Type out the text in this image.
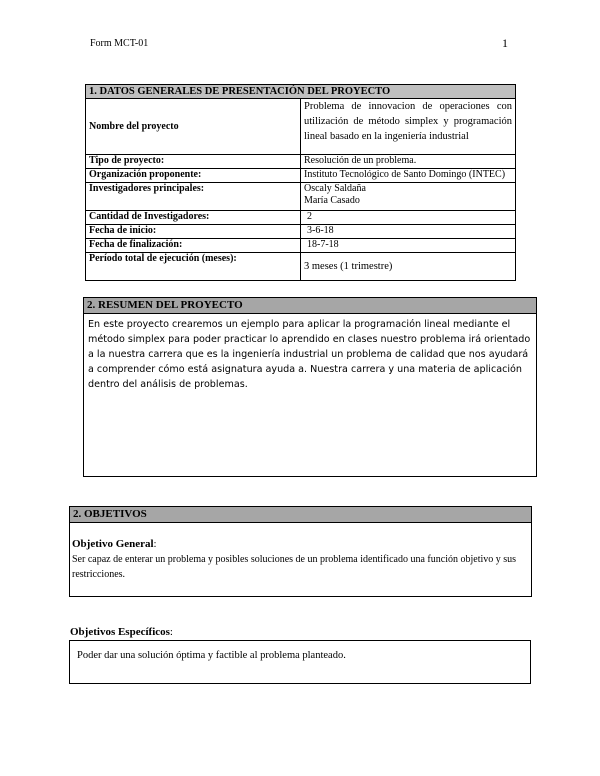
Form MCT-01	1
1. DATOS GENERALES DE PRESENTACIÓN DEL PROYECTO	
Nombre del proyecto	Problema de innovacion de operaciones con utilización de método simplex y programación lineal basado en la ingeniería industrial
Tipo de proyecto:	Resolución de un problema.
Organización proponente:	Instituto Tecnológico de Santo Domingo (INTEC)
Investigadores principales:	Oscaly Saldaña
María Casado

Cantidad de Investigadores:	2
Fecha de inicio:	3-6-18
Fecha de finalización:	18-7-18
Período total de ejecución (meses):	3 meses (1 trimestre)
2. RESUMEN DEL PROYECTO
En este proyecto crearemos un ejemplo para aplicar la programación lineal mediante el método simplex para poder practicar lo aprendido en clases nuestro problema irá orientado a la nuestra carrera que es la ingeniería industrial un problema de calidad que nos ayudará a comprender cómo está asignatura ayuda a. Nuestra carrera y una materia de aplicación dentro del análisis de problemas.
2. OBJETIVOS
Objetivo General:
Ser capaz de enterar un problema y posibles soluciones de un problema identificado una función objetivo y sus restricciones.
Objetivos Específicos:
Poder dar una solución óptima y factible al problema planteado.
